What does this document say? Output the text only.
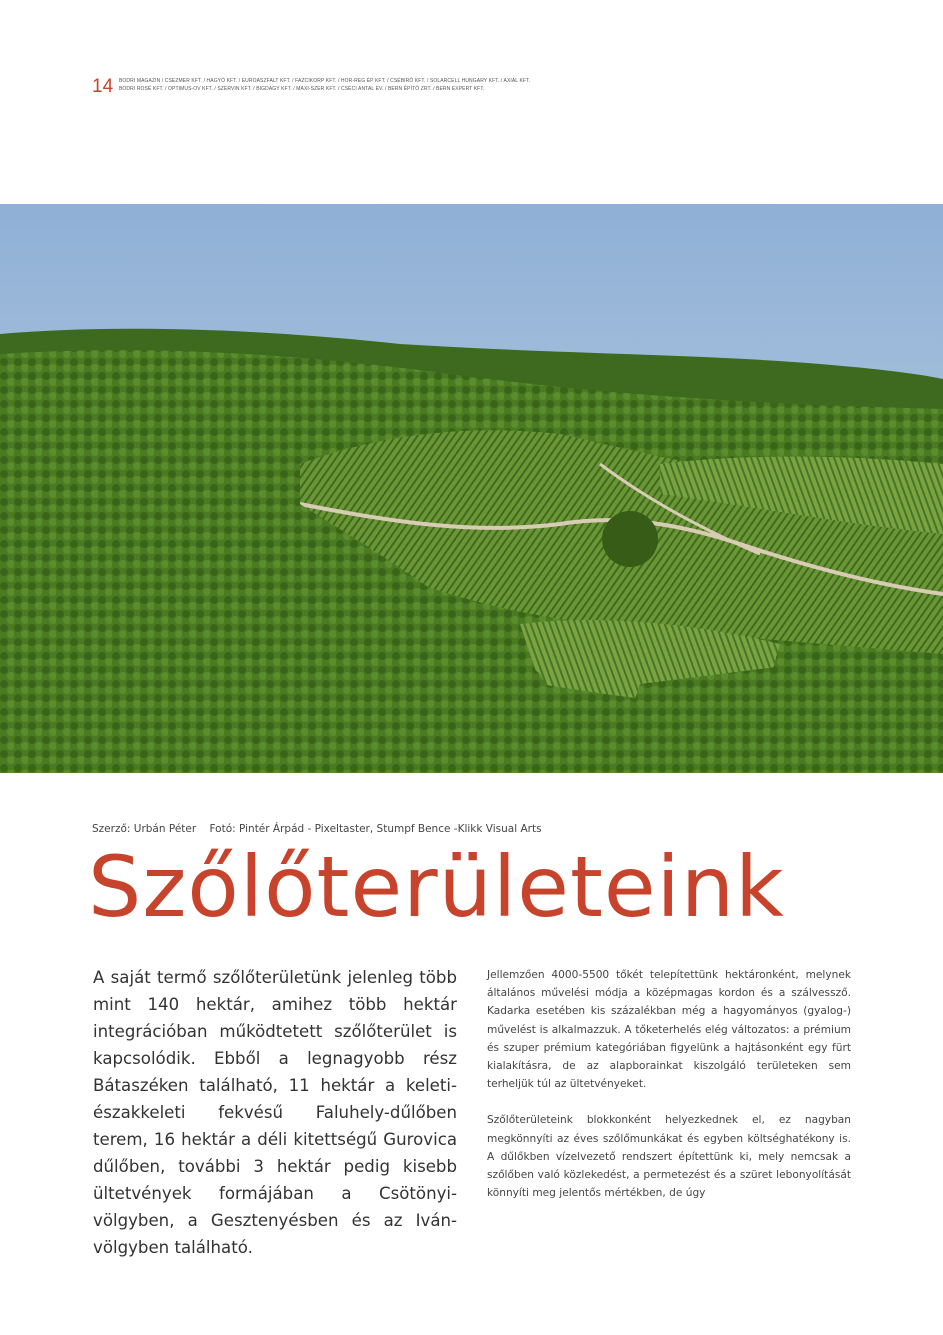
14 BODRI MAGAZIN / CSEZMER KFT. / HAGYÓ KFT. / EUROASZFALT KFT. / FAZCIKORP KFT. / HOR-REG ÉP KFT. / CSÉBIRÓ KFT. / SOLARCELL HUNGARY KFT. / AXIÁL KFT.
BODRI ROSÉ KFT. / OPTIMUS-OV KFT. / SZERVIN KFT. / BIGDAGY KFT. / MAXI-SZER KFT. / CSÉCI ANTAL EV. / BERN ÉPÍTŐ ZRT. / BERN EXPERT KFT.
Szerző: Urbán Péter Fotó: Pintér Árpád - Pixeltaster, Stumpf Bence -Klikk Visual Arts
Szőlőterületeink
A saját termő szőlőterületünk jelenleg több mint 140 hektár, amihez több hektár integrációban működtetett szőlőterület is kapcsolódik. Ebből a legnagyobb rész Bátaszéken található, 11 hektár a keleti-északkeleti fekvésű Faluhely-dűlőben terem, 16 hektár a déli kitettségű Gurovica dűlőben, további 3 hektár pedig kisebb ültetvények formájában a Csötönyi-völgyben, a Gesztenyésben és az Iván-völgyben található.

Jellemzően 4000-5500 tőkét telepítettünk hektáronként, melynek általános művelési módja a középmagas kordon és a szálvessző. Kadarka esetében kis százalékban még a hagyományos (gyalog-) művelést is alkalmazzuk. A tőketerhelés elég változatos: a prémium és szuper prémium kategóriában figyelünk a hajtásonként egy fürt kialakításra, de az alapborainkat kiszolgáló területeken sem terheljük túl az ültetvényeket.

Szőlőterületeink blokkonként helyezkednek el, ez nagyban megkönnyíti az éves szőlőmunkákat és egyben költséghatékony is. A dűlőkben vízelvezető rendszert építettünk ki, mely nemcsak a szőlőben való közlekedést, a permetezést és a szüret lebonyolítását könnyíti meg jelentős mértékben, de úgy
